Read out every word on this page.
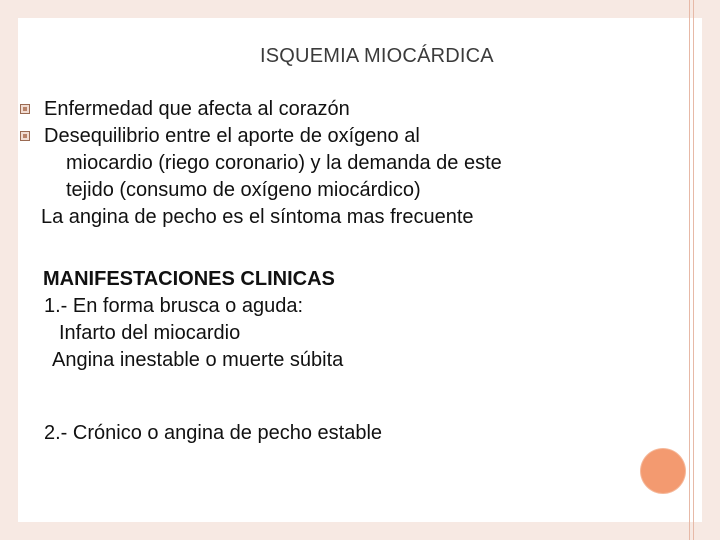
ISQUEMIA MIOCÁRDICA
Enfermedad que afecta al corazón
Desequilibrio entre el aporte de oxígeno al
miocardio (riego coronario) y la demanda de este
tejido (consumo de oxígeno miocárdico)
La angina de pecho es el síntoma mas frecuente
MANIFESTACIONES CLINICAS
1.- En forma brusca o aguda:
Infarto del miocardio
Angina inestable o muerte súbita
2.- Crónico o angina de pecho estable
